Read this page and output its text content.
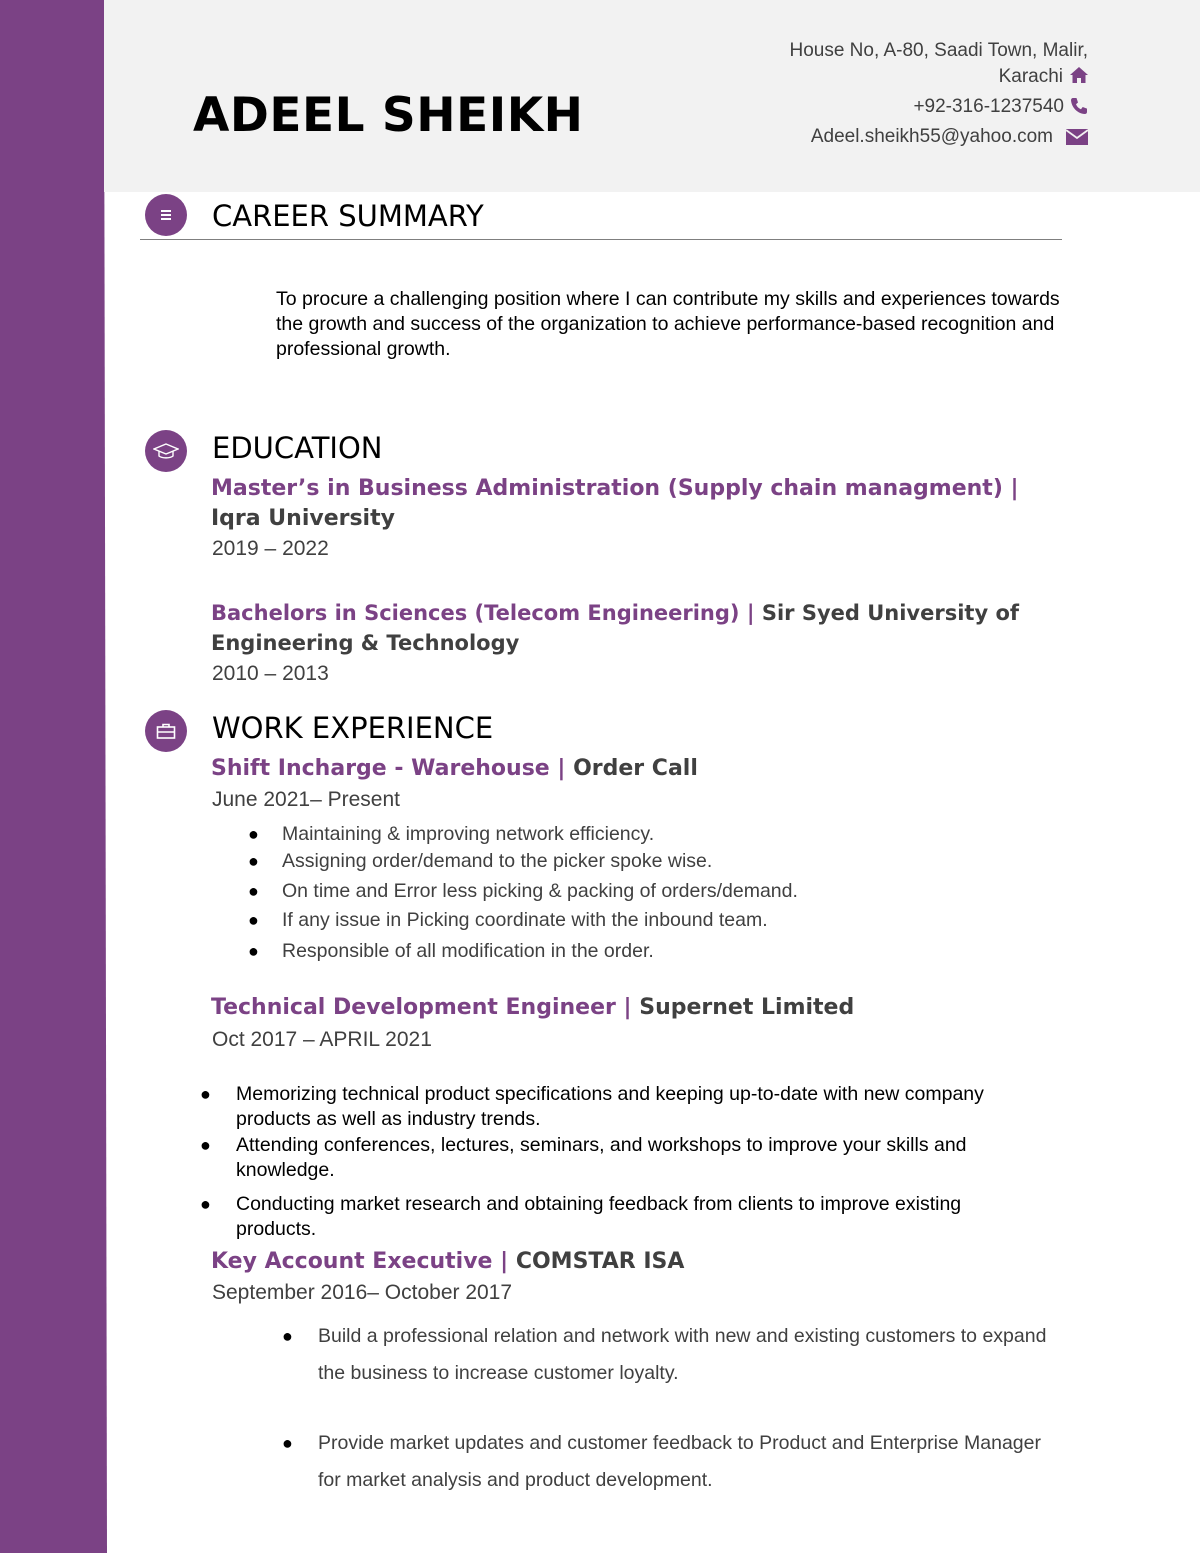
ADEEL SHEIKH
House No, A-80, Saadi Town, Malir,
Karachi
+92-316-1237540
Adeel.sheikh55@yahoo.com
CAREER SUMMARY
To procure a challenging position where I can contribute my skills and experiences towards the growth and success of the organization to achieve performance-based recognition and professional growth.
EDUCATION
Master’s in Business Administration (Supply chain managment) | Iqra University
2019 – 2022
Bachelors in Sciences (Telecom Engineering) | Sir Syed University of Engineering & Technology
2010 – 2013
WORK EXPERIENCE
Shift Incharge - Warehouse | Order Call
June 2021– Present
● Maintaining & improving network efficiency.
● Assigning order/demand to the picker spoke wise.
● On time and Error less picking & packing of orders/demand.
● If any issue in Picking coordinate with the inbound team.
● Responsible of all modification in the order.
Technical Development Engineer | Supernet Limited
Oct 2017 – APRIL 2021
● Memorizing technical product specifications and keeping up-to-date with new company products as well as industry trends.
● Attending conferences, lectures, seminars, and workshops to improve your skills and knowledge.
● Conducting market research and obtaining feedback from clients to improve existing products.
Key Account Executive | COMSTAR ISA
September 2016– October 2017
● Build a professional relation and network with new and existing customers to expand the business to increase customer loyalty.
● Provide market updates and customer feedback to Product and Enterprise Manager for market analysis and product development.
